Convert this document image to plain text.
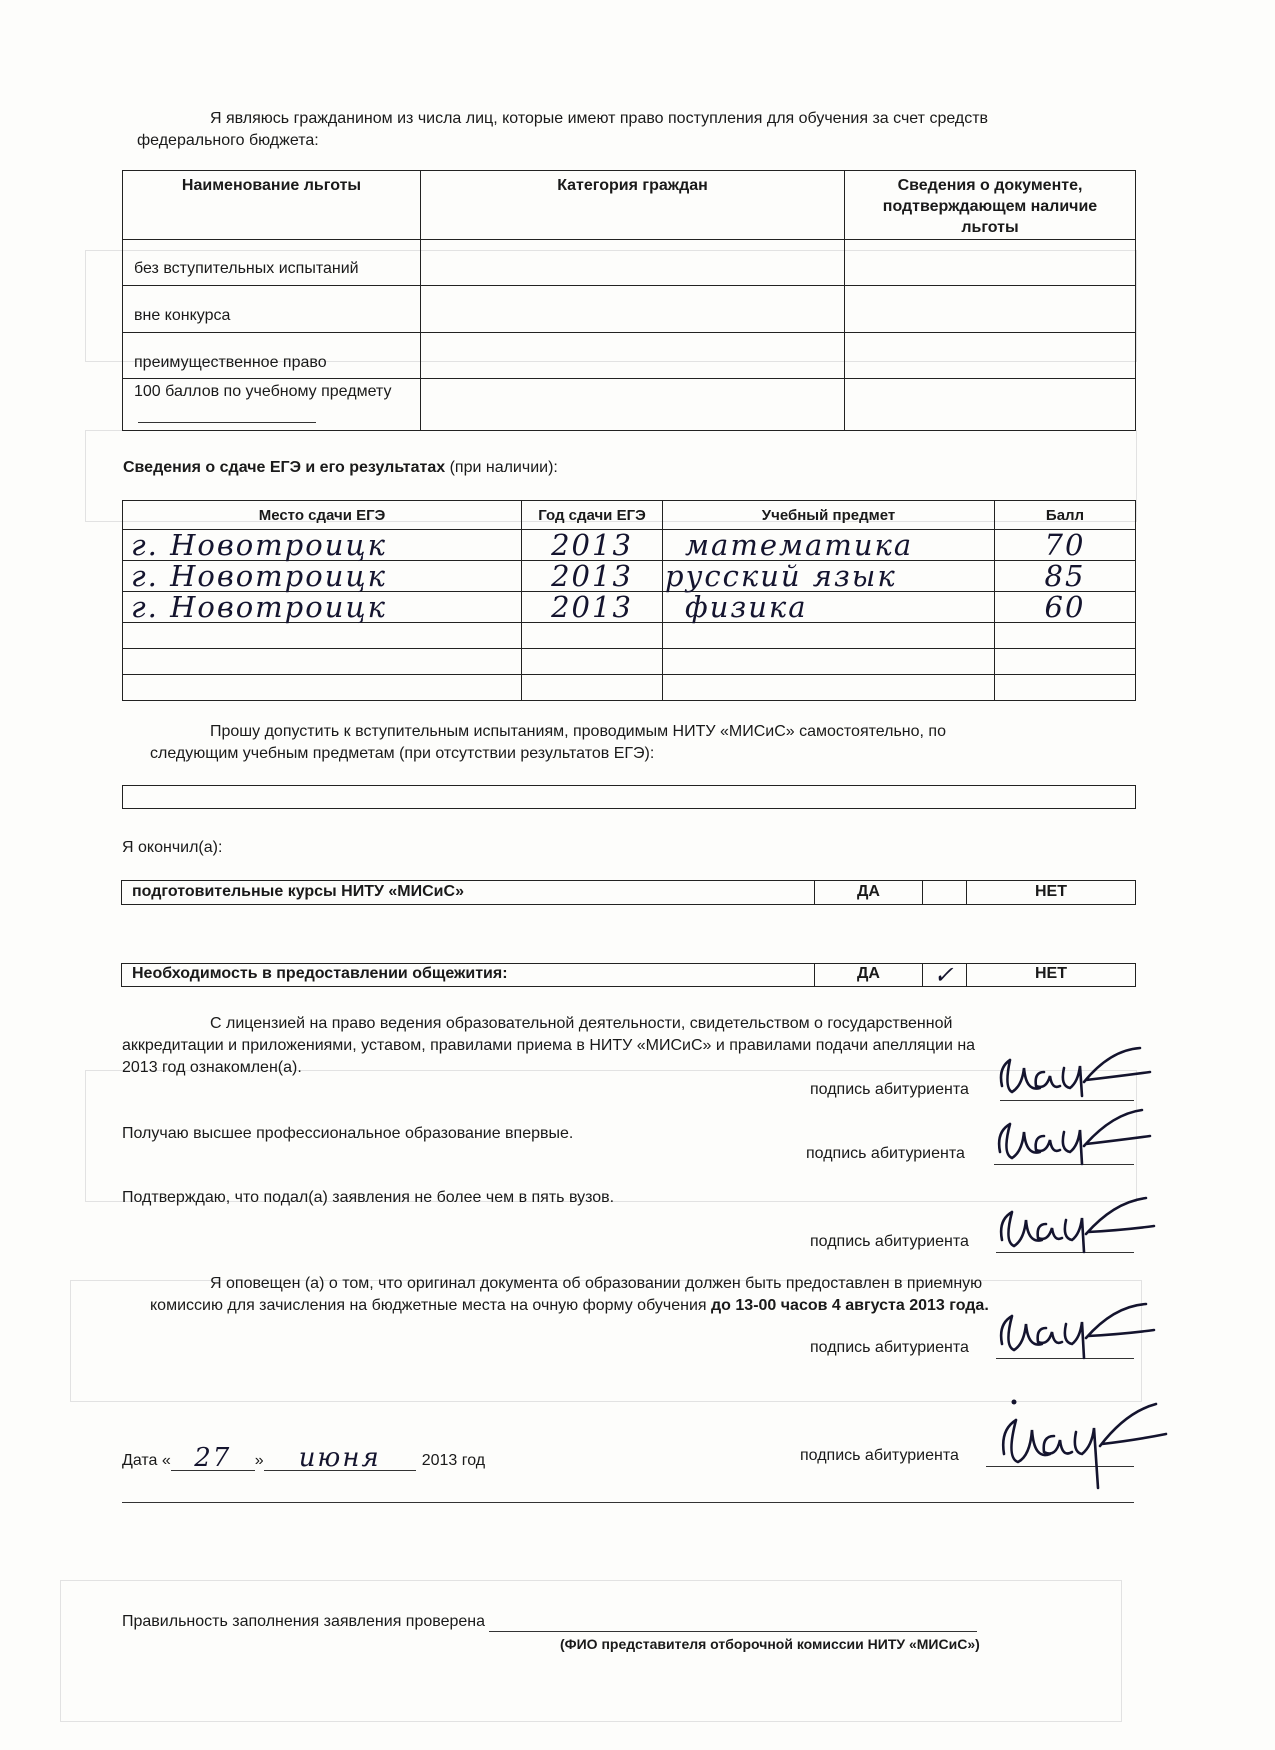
Я являюсь гражданином из числа лиц, которые имеют право поступления для обучения за счет средств
федерального бюджета:
Наименование льготы	Категория граждан	Сведения о документе, подтверждающем наличие льготы
без вступительных испытаний		
вне конкурса		
преимущественное право		
100 баллов по учебному предмету		
Сведения о сдаче ЕГЭ и его результатах (при наличии):
Место сдачи ЕГЭ	Год сдачи ЕГЭ	Учебный предмет	Балл
г. Новотроицк	2013	математика	70
г. Новотроицк	2013	русский язык	85
г. Новотроицк	2013	физика	60

Прошу допустить к вступительным испытаниям, проводимым НИТУ «МИСиС» самостоятельно, по
следующим учебным предметам (при отсутствии результатов ЕГЭ):
Я окончил(а):
подготовительные курсы НИТУ «МИСиС»	ДА		НЕТ
Необходимость в предоставлении общежития:	ДА	✓	НЕТ
С лицензией на право ведения образовательной деятельности, свидетельством о государственной
аккредитации и приложениями, уставом, правилами приема в НИТУ «МИСиС» и правилами подачи апелляции на
2013 год ознакомлен(а).
подпись абитуриента
Получаю высшее профессиональное образование впервые.
подпись абитуриента
Подтверждаю, что подал(а) заявления не более чем в пять вузов.
подпись абитуриента
Я оповещен (а) о том, что оригинал документа об образовании должен быть предоставлен в приемную
комиссию для зачисления на бюджетные места на очную форму обучения до 13-00 часов 4 августа 2013 года.
подпись абитуриента
Дата « 27 » июня	2013 год	подпись абитуриента
Правильность заполнения заявления проверена
(ФИО представителя отборочной комиссии НИТУ «МИСиС»)
